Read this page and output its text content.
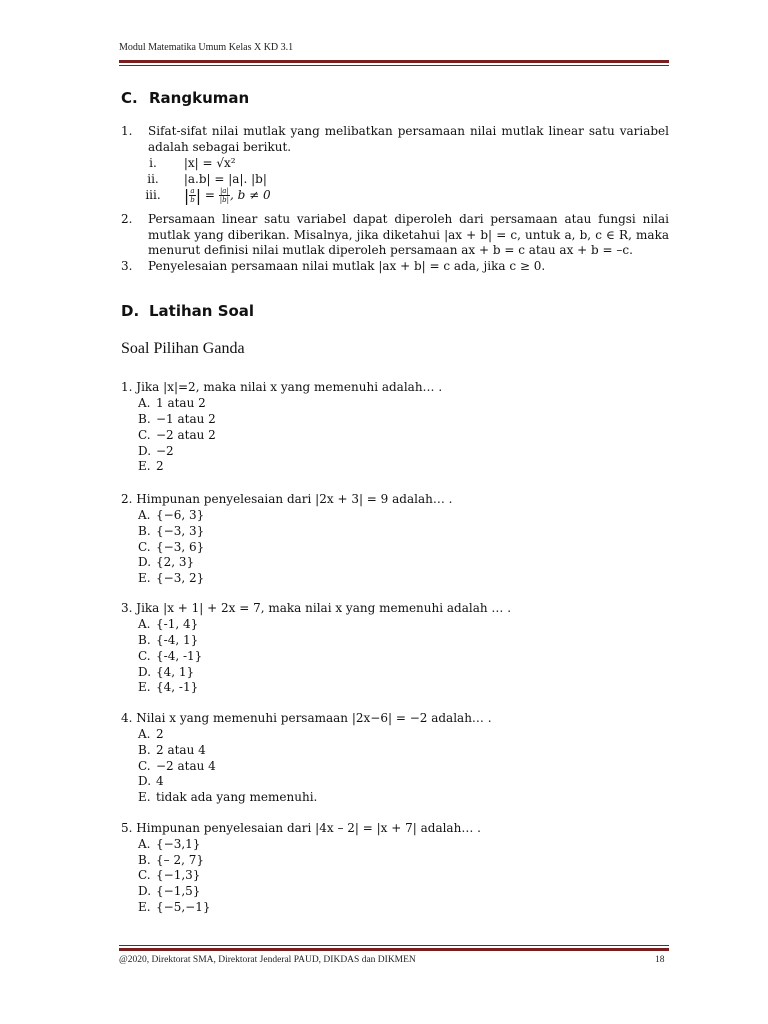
Modul Matematika Umum Kelas X KD 3.1
C. Rangkuman
1. Sifat-sifat nilai mutlak yang melibatkan persamaan nilai mutlak linear satu variabel adalah sebagai berikut.
i. |x| = √x²
ii. |a.b| = |a|. |b|
iii. | $\frac{a}{b}$ | = $\frac{|a|}{|b|}$ , b ≠ 0
2. Persamaan linear satu variabel dapat diperoleh dari persamaan atau fungsi nilai mutlak yang diberikan. Misalnya, jika diketahui |ax + b| = c, untuk a, b, c ∈ R, maka menurut definisi nilai mutlak diperoleh persamaan ax + b = c atau ax + b = –c.
3. Penyelesaian persamaan nilai mutlak |ax + b| = c ada, jika c ≥ 0.
D. Latihan Soal
Soal Pilihan Ganda
1. Jika |x|=2, maka nilai x yang memenuhi adalah… .
A. 1 atau 2
B. −1 atau 2
C. −2 atau 2
D. −2
E. 2
2. Himpunan penyelesaian dari |2x + 3| = 9 adalah… .
A. {−6, 3}
B. {−3, 3}
C. {−3, 6}
D. {2, 3}
E. {−3, 2}
3. Jika |x + 1| + 2x = 7, maka nilai x yang memenuhi adalah … .
A. {-1, 4}
B. {-4, 1}
C. {-4, -1}
D. {4, 1}
E. {4, -1}
4. Nilai x yang memenuhi persamaan |2x−6| = −2 adalah… .
A. 2
B. 2 atau 4
C. −2 atau 4
D. 4
E. tidak ada yang memenuhi.
5. Himpunan penyelesaian dari |4x – 2| = |x + 7| adalah… .
A. {−3,1}
B. {– 2, 7}
C. {−1,3}
D. {−1,5}
E. {−5,−1}
@2020, Direktorat SMA, Direktorat Jenderal PAUD, DIKDAS dan DIKMEN	18
